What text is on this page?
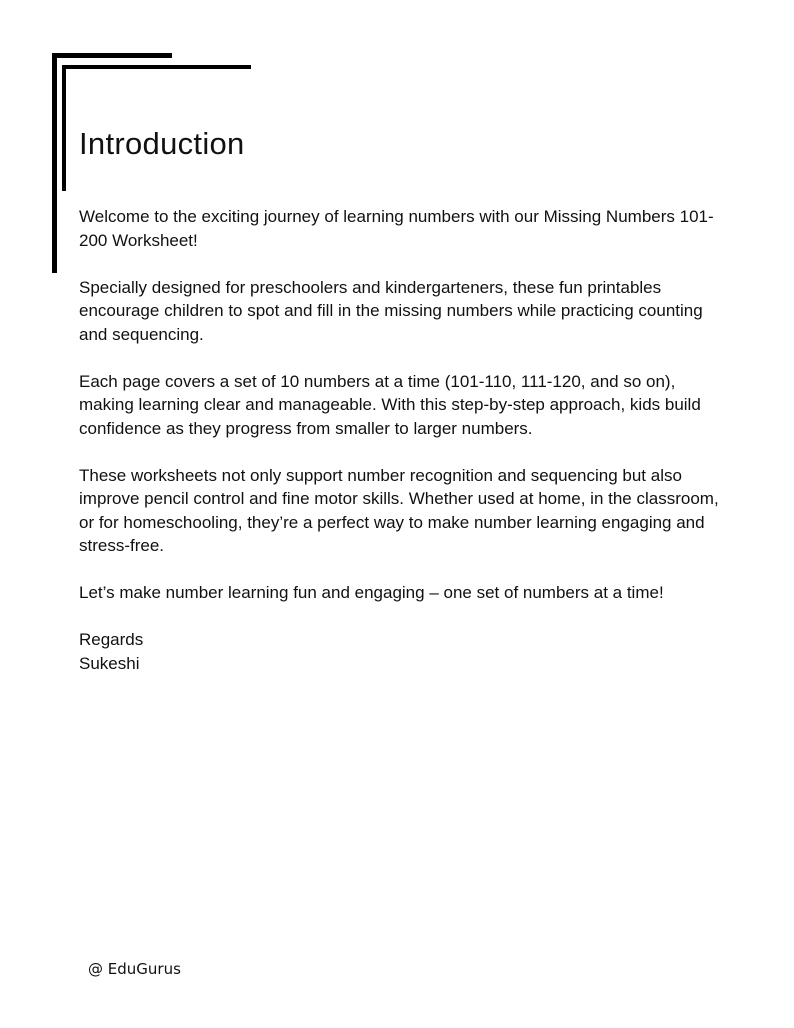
Introduction

Welcome to the exciting journey of learning numbers with our Missing Numbers 101-200 Worksheet!

Specially designed for preschoolers and kindergarteners, these fun printables encourage children to spot and fill in the missing numbers while practicing counting and sequencing.

Each page covers a set of 10 numbers at a time (101-110, 111-120, and so on), making learning clear and manageable. With this step-by-step approach, kids build confidence as they progress from smaller to larger numbers.

These worksheets not only support number recognition and sequencing but also improve pencil control and fine motor skills. Whether used at home, in the classroom, or for homeschooling, they’re a perfect way to make number learning engaging and stress-free.

Let’s make number learning fun and engaging – one set of numbers at a time!

Regards

Sukeshi

@ EduGurus
